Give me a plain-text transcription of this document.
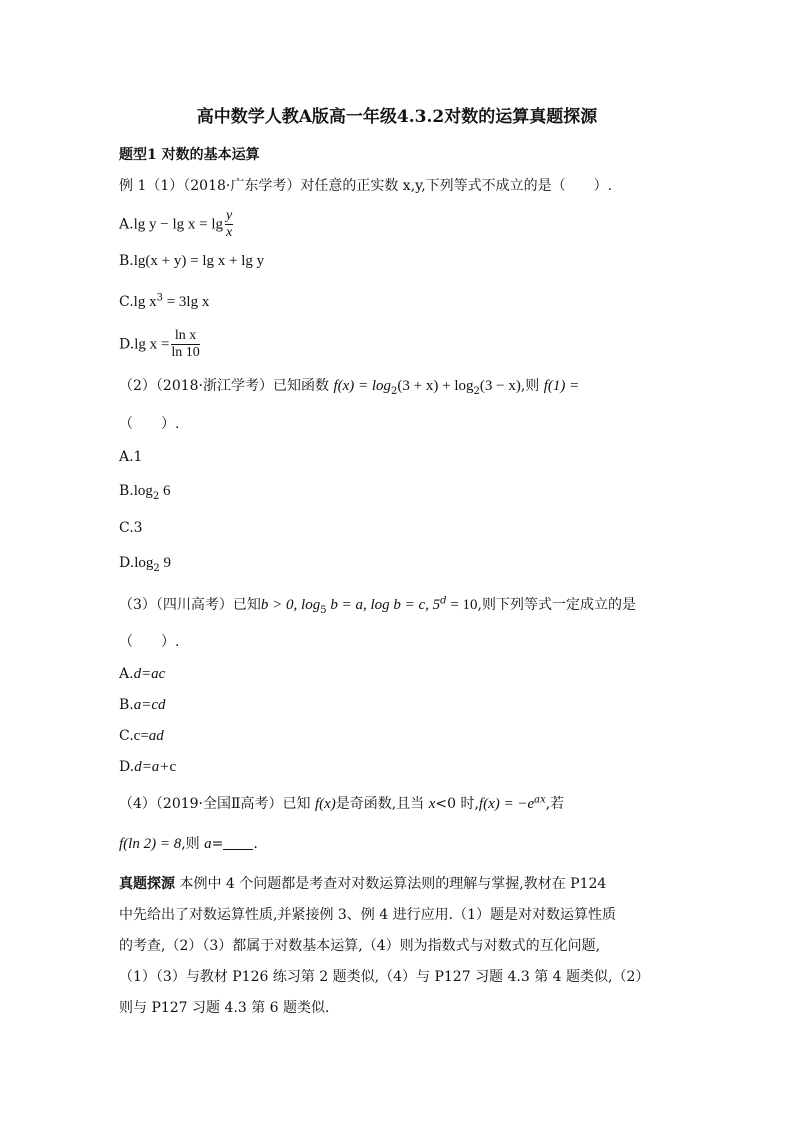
高中数学人教A版高一年级4.3.2对数的运算真题探源
题型1 对数的基本运算
例 1（1）（2018·广东学考）对任意的正实数 x,y,下列等式不成立的是（　　）.
A.lg $y - \lg x = \lg \frac{y}{x}$
B.lg(x + y) = lg x + lg y
C.lg $x^3 = 3\lg$ x
D.lg $x = \frac{\text{ln x}}{\ln 10}$
（2）（2018·浙江学考）已知函数 $f(x) = \log_2(3 + x) + \log_2(3 - x)$,则 f(1) =
（　　）.
A.1
$B.\log_2$ 6
C.3
$D.\log_2$ 9
（3）（四川高考）已知b > 0, $\log_5 b = a$, log b = c, $5^d = 10$,则下列等式一定成立的是
（　　）.
A.d=ac
B.a=cd
C.c=ad
D.d=a+c
（4）（2019·全国Ⅱ高考）已知 f(x)是奇函数,且当 x<0 时$,f(x) = -e^{ax}$,若
f(ln 2) = 8,则 a= .
真题探源 本例中 4 个问题都是考查对对数运算法则的理解与掌握,教材在 P124
中先给出了对数运算性质,并紧接例 3、例 4 进行应用.（1）题是对对数运算性质
的考查,（2）（3）都属于对数基本运算,（4）则为指数式与对数式的互化问题,
（1）（3）与教材 P126 练习第 2 题类似,（4）与 P127 习题 4.3 第 4 题类似,（2）
则与 P127 习题 4.3 第 6 题类似.
